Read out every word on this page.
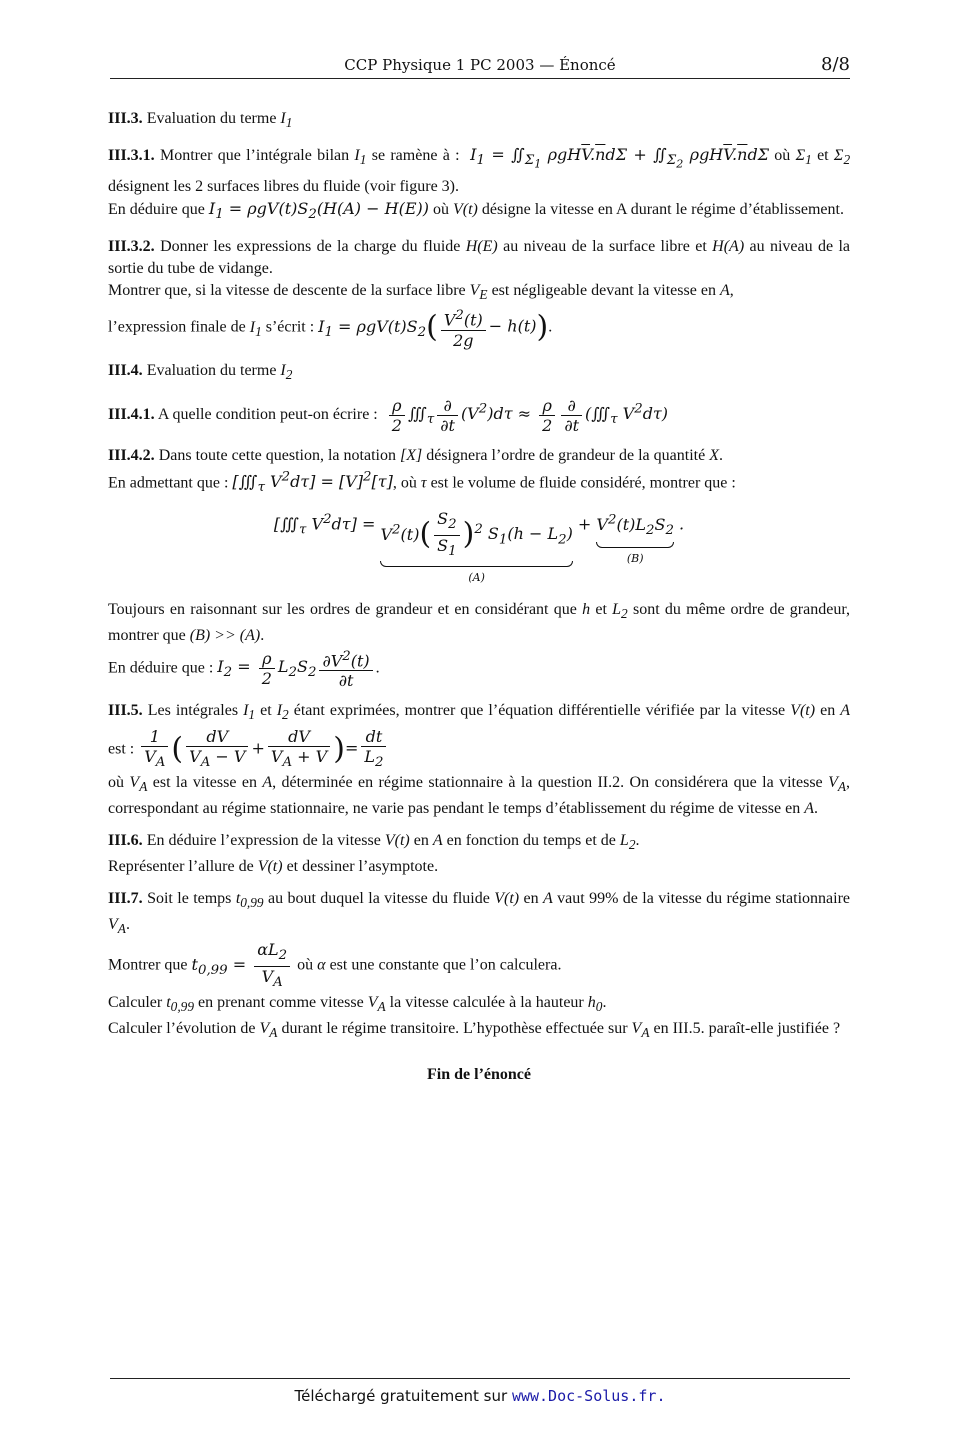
CCP Physique 1 PC 2003 — Énoncé	8/8

III.3. Evaluation du terme $I_1$

III.3.1. Montrer que l’intégrale bilan $I_1$ se ramène à : $I_1$ = $∬_{\Sigma_1}$ $\rho gH\overline{V}.\overline{n}d\Sigma$ + $∬_{\Sigma_2}$ $\rho gH\overline{V}.\overline{n}d\Sigma$ où $\Sigma_1$ et $\Sigma_2$ désignent les 2 surfaces libres du fluide (voir figure 3).
En déduire que $I_1 = \rho gV(t)S_2(H(A) - H(E))$ où V(t) désigne la vitesse en A durant le régime d’établissement.

III.3.2. Donner les expressions de la charge du fluide H(E) au niveau de la surface libre et H(A) au niveau de la sortie du tube de vidange.
Montrer que, si la vitesse de descente de la surface libre $V_E$ est négligeable devant la vitesse en A,
l’expression finale de $I_1$ s’écrit : $I_1 = \rho gV(t)S_2( \frac{V^2(t)}{2g} - h(t))$.

III.4. Evaluation du terme $I_2$

III.4.1. A quelle condition peut-on écrire : $\frac{\rho}{2}$ $∭_\tau \frac{\partial}{\partial t} (V^2)d\tau \approx \frac{\rho}{2} \frac{\partial}{\partial t}$ ($∭_\tau$ $V^2d\tau$)

III.4.2. Dans toute cette question, la notation [X] désignera l’ordre de grandeur de la quantité X.
En admettant que : [$∭_\tau$ $V^2d\tau] = [V]^2[\tau]$, où τ est le volume de fluide considéré, montrer que :

[$∭_\tau$ $V^2d\tau] = V^2(t)( \frac{S_2}{S_1} )^2$ $S_1(h - L_2)$
(A)
+ $V^2(t)L_2S_2$
(B)
.

Toujours en raisonnant sur les ordres de grandeur et en considérant que h et $L_2$ sont du même ordre de grandeur, montrer que (B) >> (A).
En déduire que : $I_2 = \frac{\rho}{2} L_2S_2 \frac{\partial V^2(t)}{\partial t}$ .

III.5. Les intégrales $I_1$ et $I_2$ étant exprimées, montrer que l’équation différentielle vérifiée par la vitesse V(t) en A est : $\frac{1}{V_A}$ ( $\frac{dV}{V_A - V} + \frac{dV}{V_A + V}$ )= $\frac{dt}{L_2}$

où $V_A$ est la vitesse en A, déterminée en régime stationnaire à la question II.2. On considérera que la vitesse $V_A$, correspondant au régime stationnaire, ne varie pas pendant le temps d’établissement du régime de vitesse en A.

III.6. En déduire l’expression de la vitesse V(t) en A en fonction du temps et de $L_2$.
Représenter l’allure de V(t) et dessiner l’asymptote.

III.7. Soit le temps $t_{0,99}$ au bout duquel la vitesse du fluide V(t) en A vaut 99% de la vitesse du régime stationnaire $V_A$.
Montrer que $t_{0,99} = \frac{\alpha L_2}{V_A}$ où α est une constante que l’on calculera.
Calculer $t_{0,99}$ en prenant comme vitesse $V_A$ la vitesse calculée à la hauteur $h_0$.
Calculer l’évolution de $V_A$ durant le régime transitoire. L’hypothèse effectuée sur $V_A$ en III.5. paraît-elle justifiée ?

Fin de l’énoncé
Téléchargé gratuitement sur www.Doc-Solus.fr.
